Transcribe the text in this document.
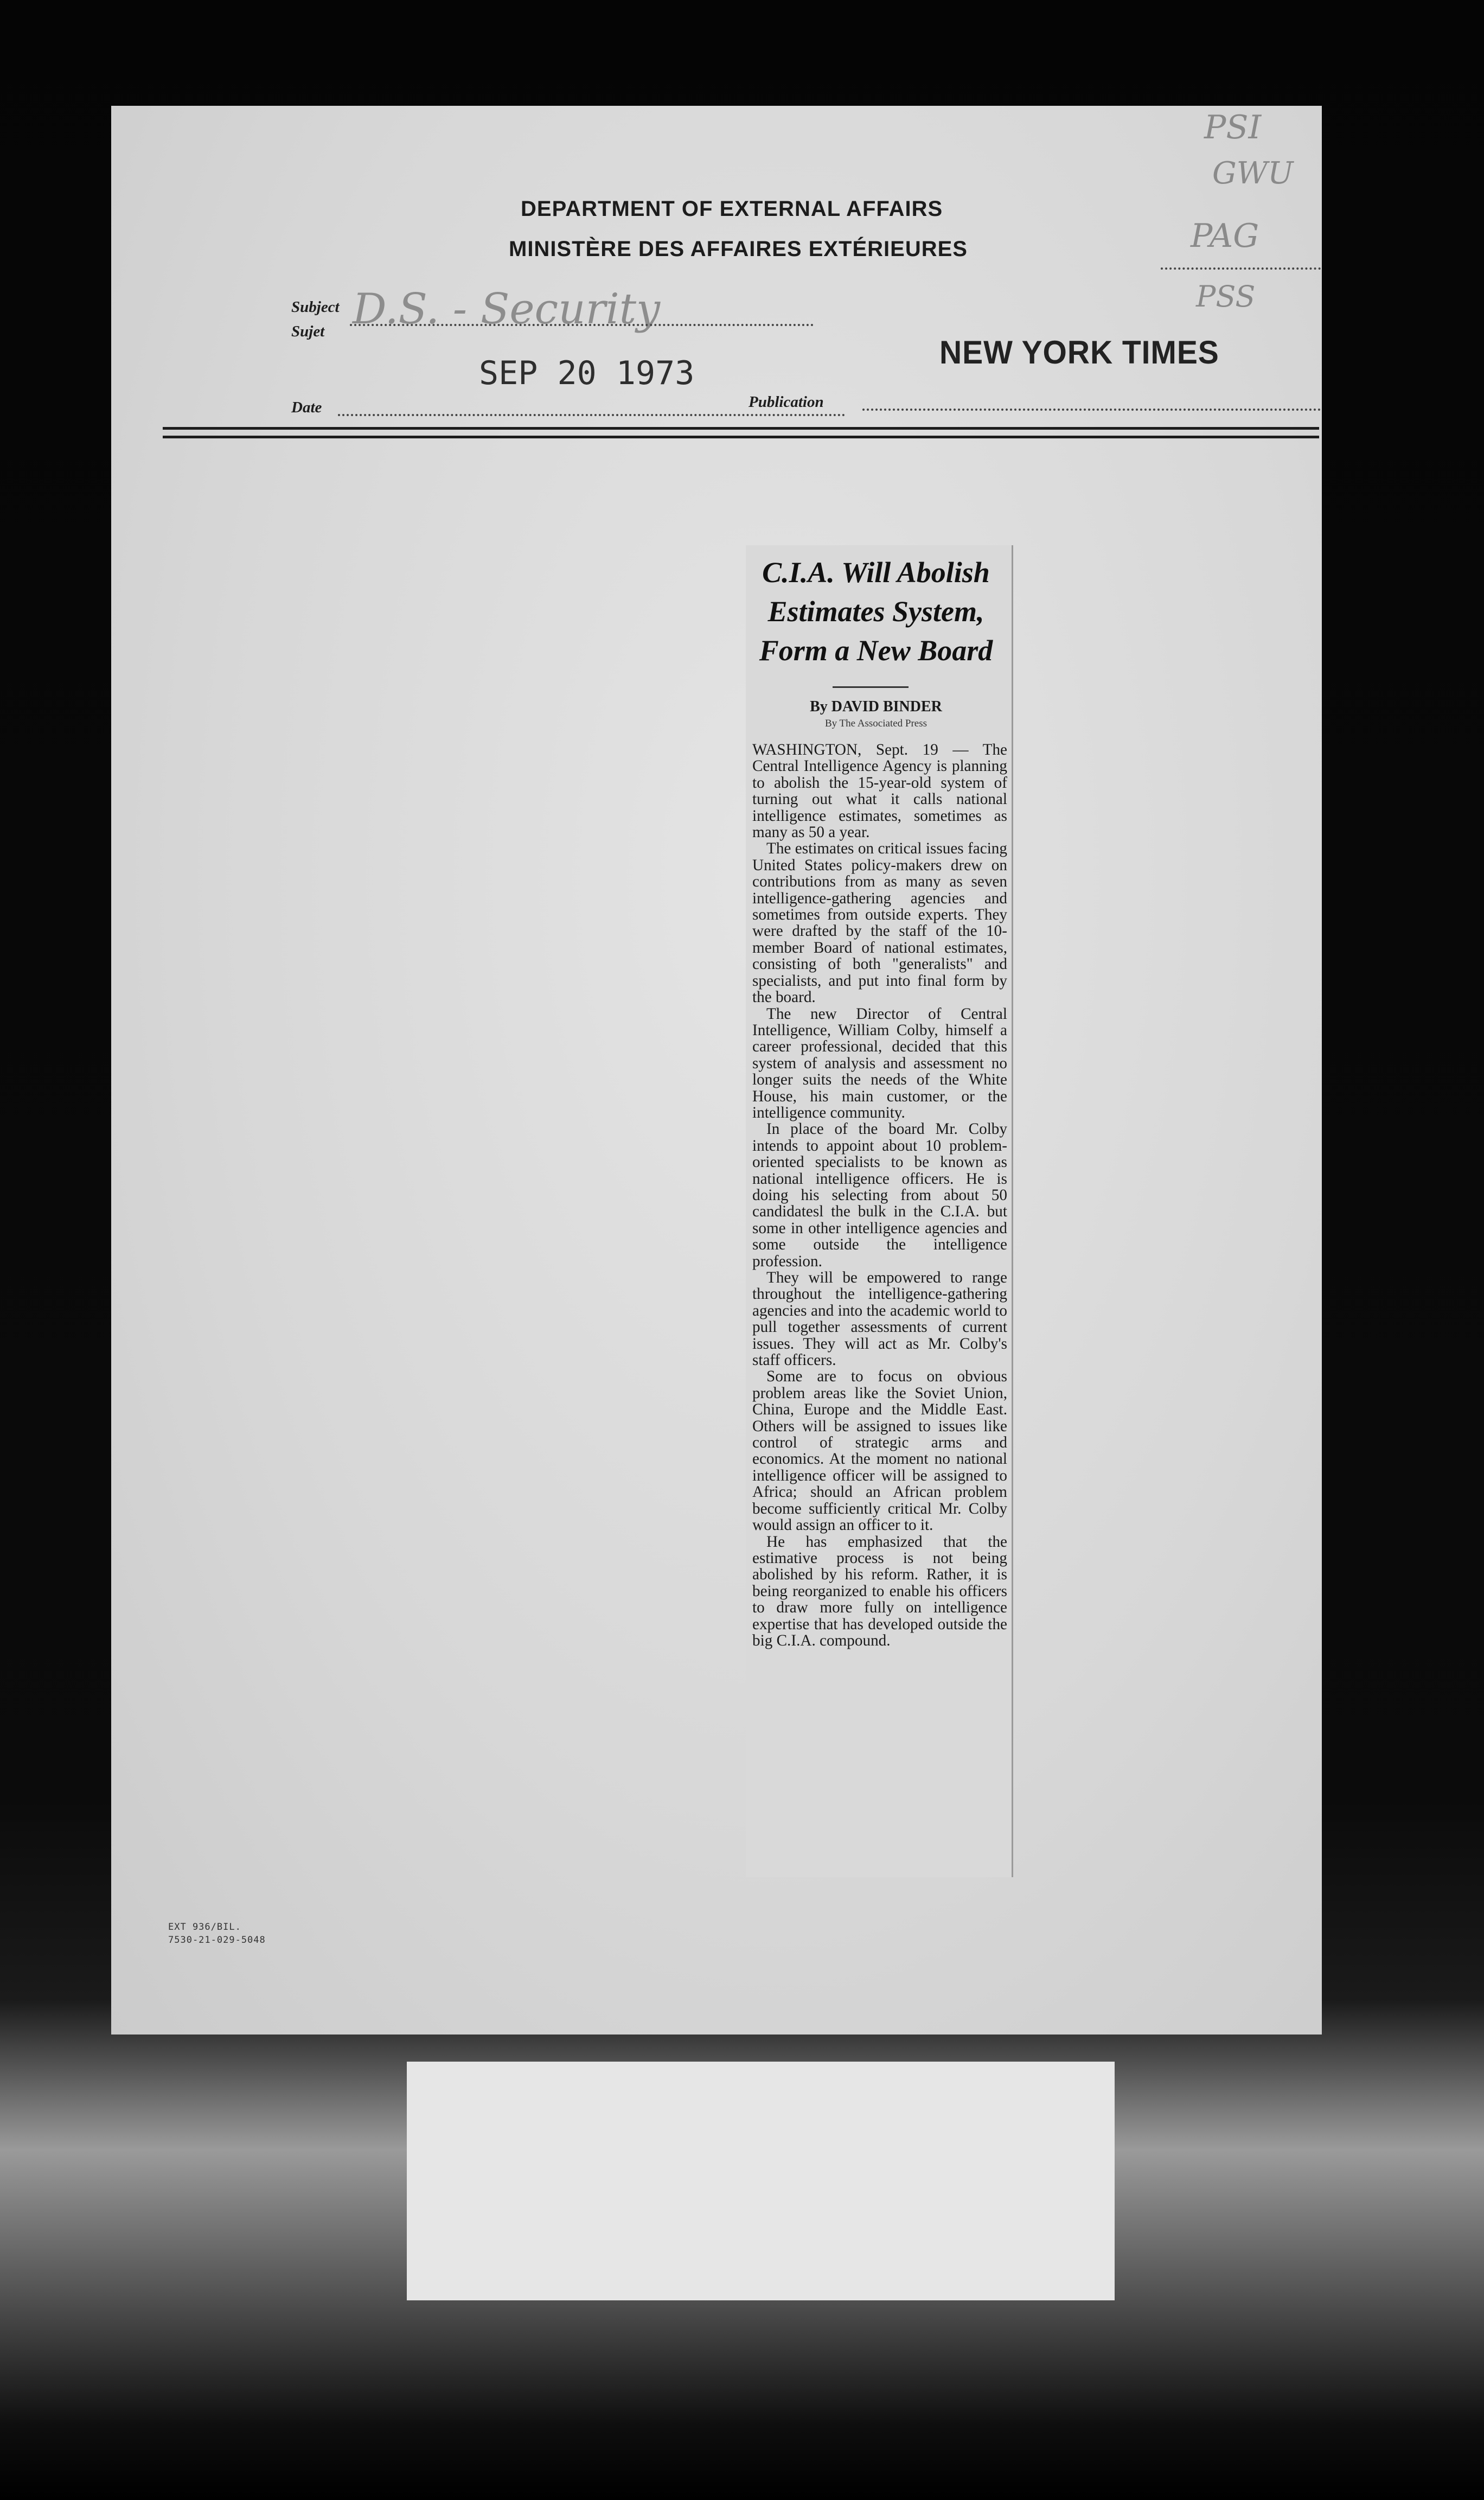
DEPARTMENT OF EXTERNAL AFFAIRS
MINISTÈRE DES AFFAIRES EXTÉRIEURES
PSI
GWU
PAG
PSS
Subject
Sujet D.S. - Security
SEP 20 1973
NEW YORK TIMES
Date	Publication
C.I.A. Will Abolish
Estimates System,
Form a New Board
By DAVID BINDER
By The Associated Press

WASHINGTON, Sept. 19 — The Central Intelligence Agency is planning to abolish the 15-year-old system of turning out what it calls national intelligence estimates, sometimes as many as 50 a year.

The estimates on critical issues facing United States policy-makers drew on contributions from as many as seven intelligence-gathering agencies and sometimes from outside experts. They were drafted by the staff of the 10-member Board of national estimates, consisting of both "generalists" and specialists, and put into final form by the board.

The new Director of Central Intelligence, William Colby, himself a career professional, decided that this system of analysis and assessment no longer suits the needs of the White House, his main customer, or the intelligence community.

In place of the board Mr. Colby intends to appoint about 10 problem-oriented specialists to be known as national intelligence officers. He is doing his selecting from about 50 candidatesl the bulk in the C.I.A. but some in other intelligence agencies and some outside the intelligence profession.

They will be empowered to range throughout the intelligence-gathering agencies and into the academic world to pull together assessments of current issues. They will act as Mr. Colby's staff officers.

Some are to focus on obvious problem areas like the Soviet Union, China, Europe and the Middle East. Others will be assigned to issues like control of strategic arms and economics. At the moment no national intelligence officer will be assigned to Africa; should an African problem become sufficiently critical Mr. Colby would assign an officer to it.

He has emphasized that the estimative process is not being abolished by his reform. Rather, it is being reorganized to enable his officers to draw more fully on intelligence expertise that has developed outside the big C.I.A. compound.

EXT 936/BIL.
7530-21-029-5048
